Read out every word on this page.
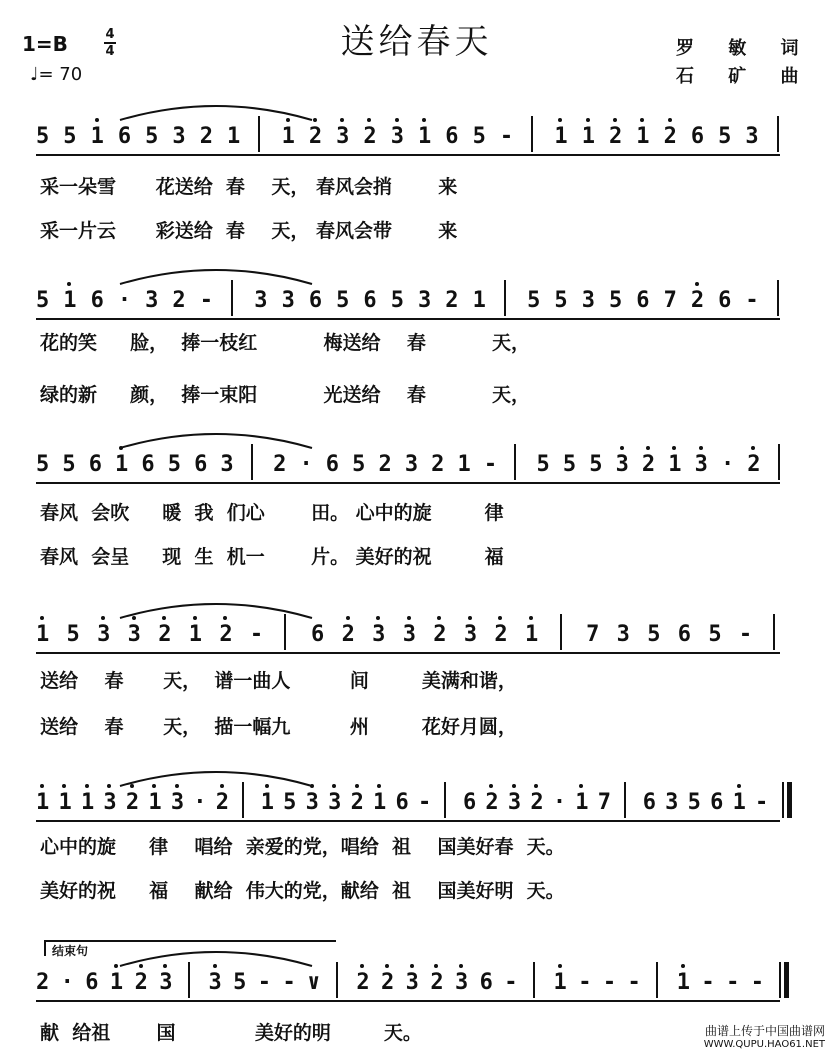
送给春天
1=B	4
4
♩= 70
罗 敏 词
石 矿 曲
5 5 1 6 5 3 2 1 1 2 3 2 3 1 6 5 - 1 1 2 1 2 6 5 3
5 1 6 · 3 2 - 3 3 6 5 6 5 3 2 1 5 5 3 5 6 7 2 6 -
5 5 6 1 6 5 6 3 2 · 6 5 2 3 2 1 - 5 5 5 3 2 1 3 · 2
1 5 3 3 2 1 2 - 6 2 3 3 2 3 2 1 7 3 5 6 5 -
1 1 1 3 2 1 3 · 2 1 5 3 3 2 1 6 - 6 2 3 2 · 1 7 6 3 5 6 1 -
2 · 6 1 2 3 3 5 - - ∨ 2 2 3 2 3 6 - 1 - - - 1 - - -
采一朵雪      花送给  春    天， 春风会捎       来
采一片云      彩送给  春    天， 春风会带       来
花的笑     脸，  捧一枝红          梅送给    春          天，
绿的新     颜，  捧一束阳          光送给    春          天，
春风  会吹     暖  我  们心       田。 心中的旋        律
春风  会呈     现  生  机一       片。 美好的祝        福
送给    春      天，  谱一曲人         间        美满和谐，
送给    春      天，  描一幅九         州        花好月圆，
心中的旋     律    唱给  亲爱的党，唱给  祖    国美好春  天。
美好的祝     福    献给  伟大的党，献给  祖    国美好明  天。
结束句
献  给祖       国            美好的明        天。	曲谱上传于中国曲谱网
WWW.QUPU.HAO61.NET
